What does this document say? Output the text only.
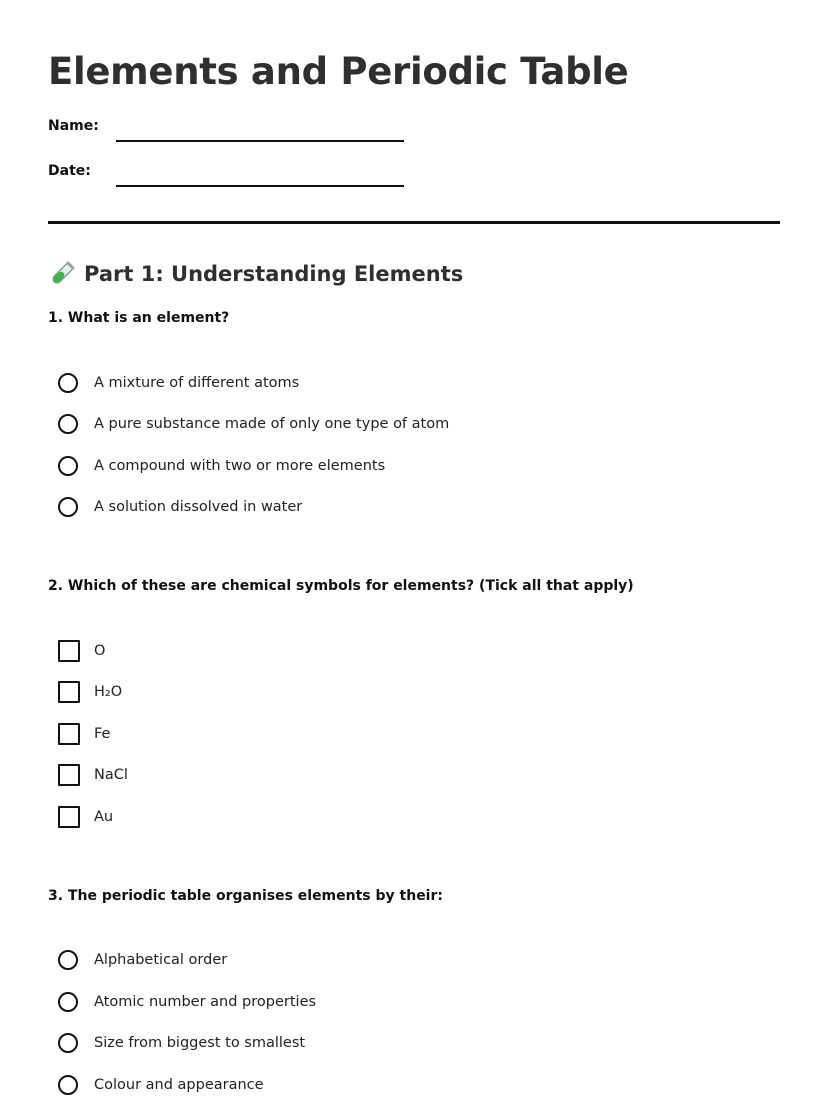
Elements and Periodic Table
Name:
Date:
Part 1: Understanding Elements

1. What is an element?

A mixture of different atoms
A pure substance made of only one type of atom
A compound with two or more elements
A solution dissolved in water

2. Which of these are chemical symbols for elements? (Tick all that apply)

O
H₂O
Fe
NaCl
Au

3. The periodic table organises elements by their:

Alphabetical order
Atomic number and properties
Size from biggest to smallest
Colour and appearance
